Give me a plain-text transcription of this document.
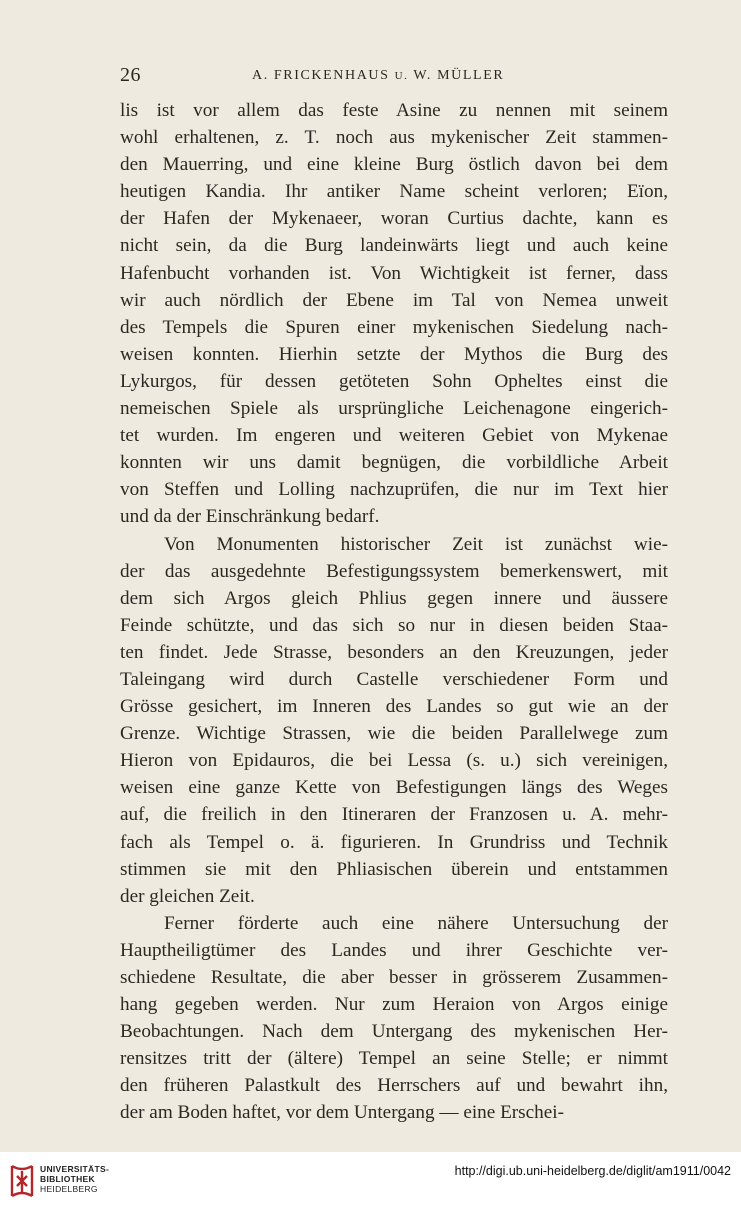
26	A. FRICKENHAUS U. W. MÜLLER
lis ist vor allem das feste Asine zu nennen mit seinem
wohl erhaltenen, z. T. noch aus mykenischer Zeit stammen-
den Mauerring, und eine kleine Burg östlich davon bei dem
heutigen Kandia. Ihr antiker Name scheint verloren; Eïon,
der Hafen der Mykenaeer, woran Curtius dachte, kann es
nicht sein, da die Burg landeinwärts liegt und auch keine
Hafenbucht vorhanden ist. Von Wichtigkeit ist ferner, dass
wir auch nördlich der Ebene im Tal von Nemea unweit
des Tempels die Spuren einer mykenischen Siedelung nach-
weisen konnten. Hierhin setzte der Mythos die Burg des
Lykurgos, für dessen getöteten Sohn Opheltes einst die
nemeischen Spiele als ursprüngliche Leichenagone eingerich-
tet wurden. Im engeren und weiteren Gebiet von Mykenae
konnten wir uns damit begnügen, die vorbildliche Arbeit
von Steffen und Lolling nachzuprüfen, die nur im Text hier
und da der Einschränkung bedarf.
Von Monumenten historischer Zeit ist zunächst wie-
der das ausgedehnte Befestigungssystem bemerkenswert, mit
dem sich Argos gleich Phlius gegen innere und äussere
Feinde schützte, und das sich so nur in diesen beiden Staa-
ten findet. Jede Strasse, besonders an den Kreuzungen, jeder
Taleingang wird durch Castelle verschiedener Form und
Grösse gesichert, im Inneren des Landes so gut wie an der
Grenze. Wichtige Strassen, wie die beiden Parallelwege zum
Hieron von Epidauros, die bei Lessa (s. u.) sich vereinigen,
weisen eine ganze Kette von Befestigungen längs des Weges
auf, die freilich in den Itineraren der Franzosen u. A. mehr-
fach als Tempel o. ä. figurieren. In Grundriss und Technik
stimmen sie mit den Phliasischen überein und entstammen
der gleichen Zeit.
Ferner förderte auch eine nähere Untersuchung der
Hauptheiligtümer des Landes und ihrer Geschichte ver-
schiedene Resultate, die aber besser in grösserem Zusammen-
hang gegeben werden. Nur zum Heraion von Argos einige
Beobachtungen. Nach dem Untergang des mykenischen Her-
rensitzes tritt der (ältere) Tempel an seine Stelle; er nimmt
den früheren Palastkult des Herrschers auf und bewahrt ihn,
der am Boden haftet, vor dem Untergang — eine Erschei-
UNIVERSITÄTS-
BIBLIOTHEK
HEIDELBERG
http://digi.ub.uni-heidelberg.de/diglit/am1911/0042
